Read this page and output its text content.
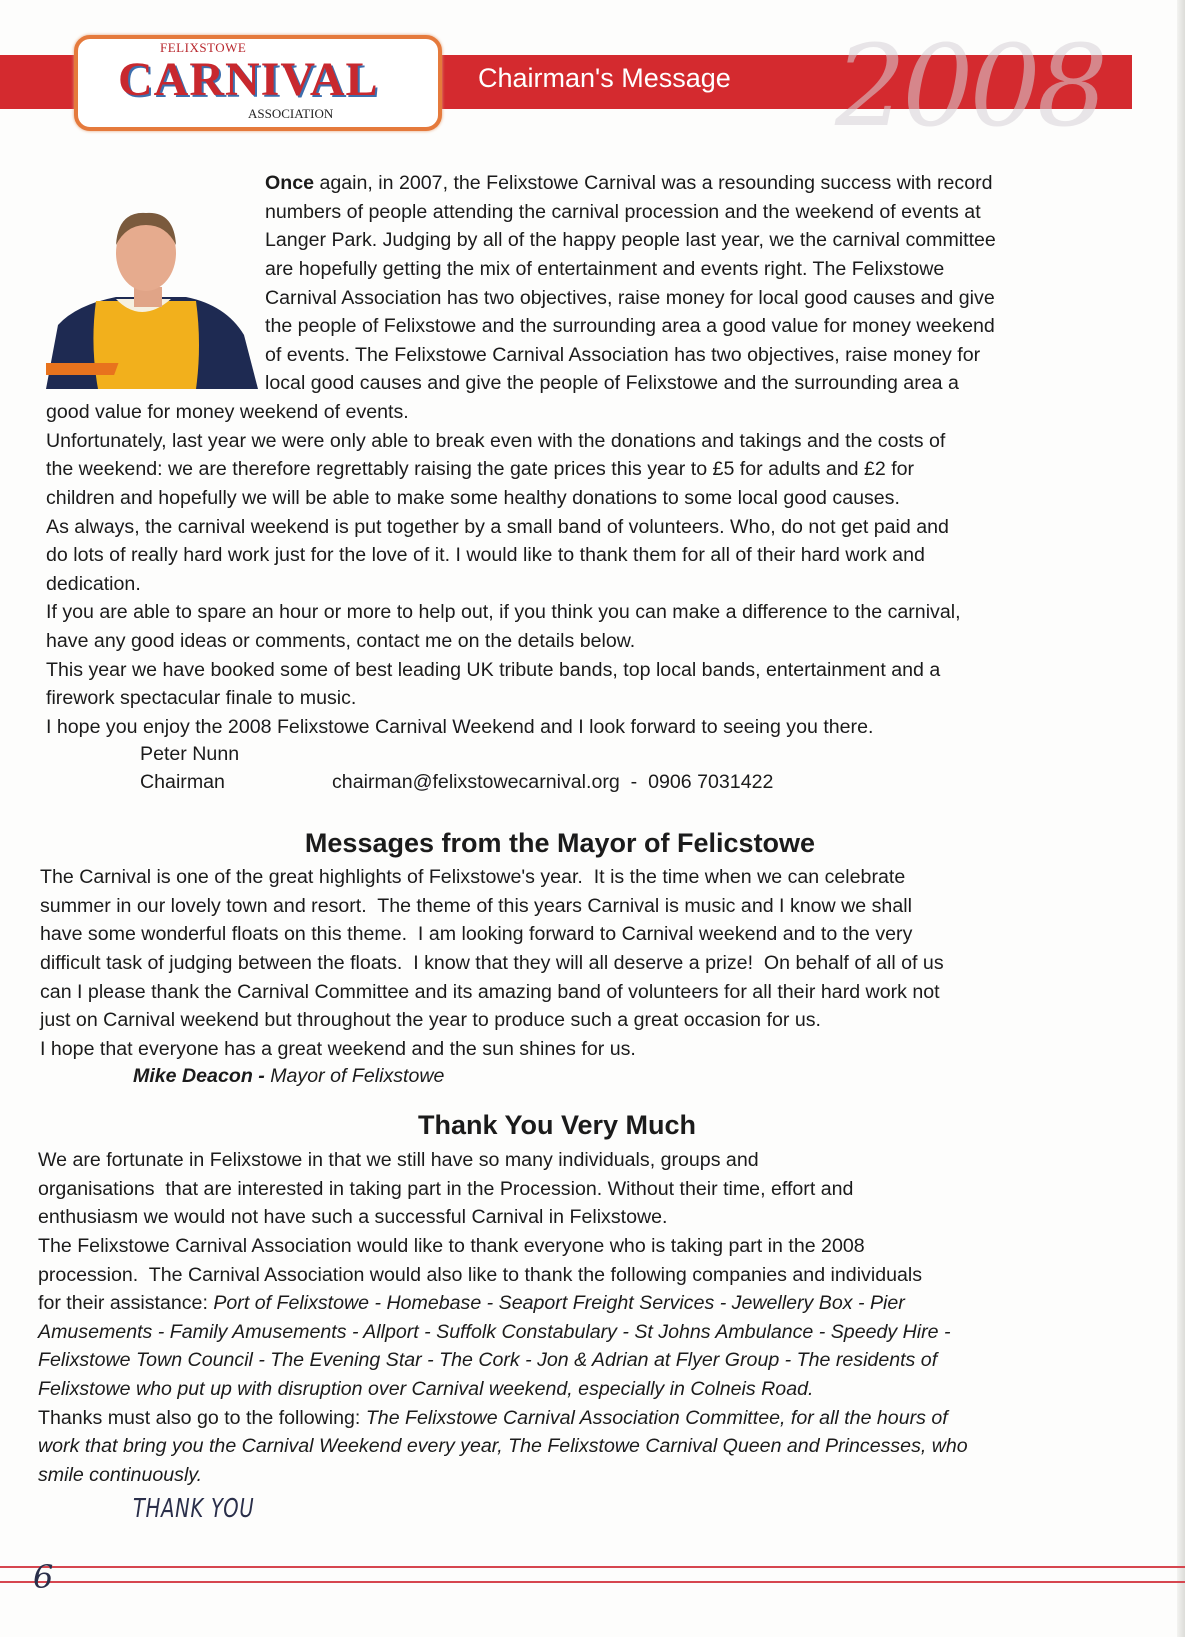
2008
FELIXSTOWE
CARNIVAL
ASSOCIATION
Chairman's Message
Once again, in 2007, the Felixstowe Carnival was a resounding success with record
numbers of people attending the carnival procession and the weekend of events at
Langer Park. Judging by all of the happy people last year, we the carnival committee
are hopefully getting the mix of entertainment and events right. The Felixstowe
Carnival Association has two objectives, raise money for local good causes and give
the people of Felixstowe and the surrounding area a good value for money weekend
of events. The Felixstowe Carnival Association has two objectives, raise money for
local good causes and give the people of Felixstowe and the surrounding area a
good value for money weekend of events.
Unfortunately, last year we were only able to break even with the donations and takings and the costs of
the weekend: we are therefore regrettably raising the gate prices this year to £5 for adults and £2 for
children and hopefully we will be able to make some healthy donations to some local good causes.
As always, the carnival weekend is put together by a small band of volunteers. Who, do not get paid and
do lots of really hard work just for the love of it. I would like to thank them for all of their hard work and
dedication.
If you are able to spare an hour or more to help out, if you think you can make a difference to the carnival,
have any good ideas or comments, contact me on the details below.
This year we have booked some of best leading UK tribute bands, top local bands, entertainment and a
firework spectacular finale to music.
I hope you enjoy the 2008 Felixstowe Carnival Weekend and I look forward to seeing you there.
Peter Nunn
Chairman	chairman@felixstowecarnival.org  -  0906 7031422
Messages from the Mayor of Felicstowe
The Carnival is one of the great highlights of Felixstowe's year.  It is the time when we can celebrate
summer in our lovely town and resort.  The theme of this years Carnival is music and I know we shall
have some wonderful floats on this theme.  I am looking forward to Carnival weekend and to the very
difficult task of judging between the floats.  I know that they will all deserve a prize!  On behalf of all of us
can I please thank the Carnival Committee and its amazing band of volunteers for all their hard work not
just on Carnival weekend but throughout the year to produce such a great occasion for us.
I hope that everyone has a great weekend and the sun shines for us.
Mike Deacon - Mayor of Felixstowe
Thank You Very Much
We are fortunate in Felixstowe in that we still have so many individuals, groups and
organisations  that are interested in taking part in the Procession. Without their time, effort and
enthusiasm we would not have such a successful Carnival in Felixstowe.
The Felixstowe Carnival Association would like to thank everyone who is taking part in the 2008
procession.  The Carnival Association would also like to thank the following companies and individuals
for their assistance: Port of Felixstowe - Homebase - Seaport Freight Services - Jewellery Box - Pier
Amusements - Family Amusements - Allport - Suffolk Constabulary - St Johns Ambulance - Speedy Hire -
Felixstowe Town Council - The Evening Star - The Cork - Jon & Adrian at Flyer Group - The residents of
Felixstowe who put up with disruption over Carnival weekend, especially in Colneis Road.
Thanks must also go to the following: The Felixstowe Carnival Association Committee, for all the hours of
work that bring you the Carnival Weekend every year, The Felixstowe Carnival Queen and Princesses, who
smile continuously.
THANK YOU
6
